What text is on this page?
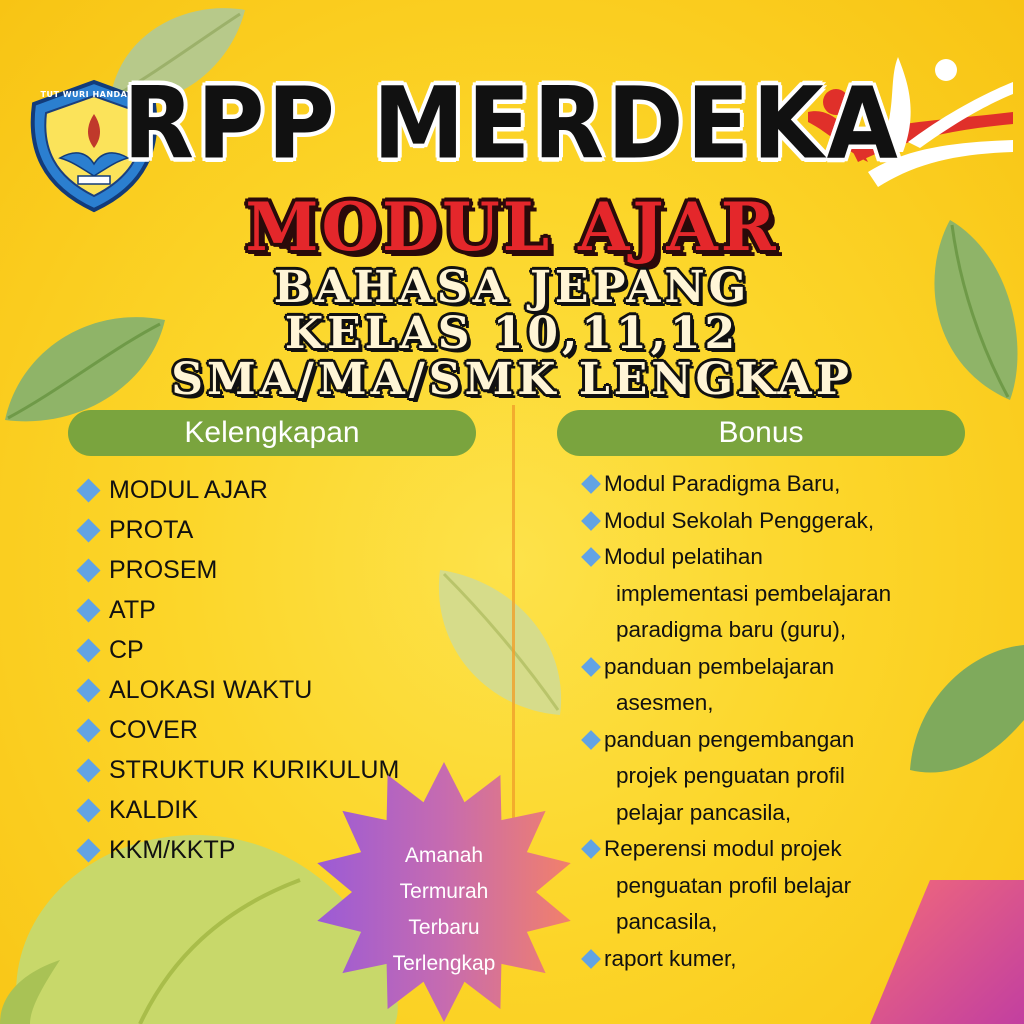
TUT WURI HANDAYANI
RPP MERDEKA
MODUL AJAR
BAHASA JEPANG
KELAS 10,11,12
SMA/MA/SMK LENGKAP
Kelengkapan	Bonus
MODUL AJAR
PROTA
PROSEM
ATP
CP
ALOKASI WAKTU
COVER
STRUKTUR KURIKULUM
KALDIK
KKM/KKTP
Modul Paradigma Baru,
Modul Sekolah Penggerak,
Modul pelatihan
implementasi pembelajaran
paradigma baru (guru),
panduan pembelajaran
asesmen,
panduan pengembangan
projek penguatan profil
pelajar pancasila,
Reperensi modul projek
penguatan profil belajar
pancasila,
raport kumer,
Amanah
Termurah
Terbaru
Terlengkap
